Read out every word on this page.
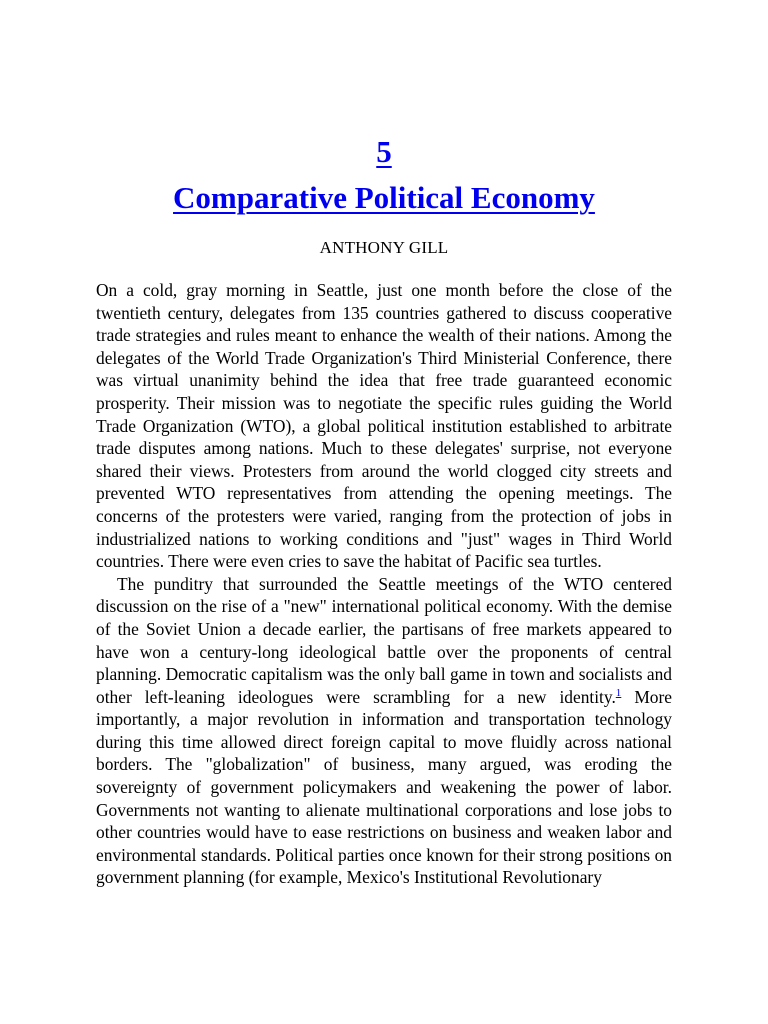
5
Comparative Political Economy
ANTHONY GILL

On a cold, gray morning in Seattle, just one month before the close of the twentieth century, delegates from 135 countries gathered to discuss cooperative trade strategies and rules meant to enhance the wealth of their nations. Among the delegates of the World Trade Organization's Third Ministerial Conference, there was virtual unanimity behind the idea that free trade guaranteed economic prosperity. Their mission was to negotiate the specific rules guiding the World Trade Organization (WTO), a global political institution established to arbitrate trade disputes among nations. Much to these delegates' surprise, not everyone shared their views. Protesters from around the world clogged city streets and prevented WTO representatives from attending the opening meetings. The concerns of the protesters were varied, ranging from the protection of jobs in industrialized nations to working conditions and "just" wages in Third World countries. There were even cries to save the habitat of Pacific sea turtles.

The punditry that surrounded the Seattle meetings of the WTO centered discussion on the rise of a "new" international political economy. With the demise of the Soviet Union a decade earlier, the partisans of free markets appeared to have won a century-long ideological battle over the proponents of central planning. Democratic capitalism was the only ball game in town and socialists and other left-leaning ideologues were scrambling for a new identity.$^1$ More importantly, a major revolution in information and transportation technology during this time allowed direct foreign capital to move fluidly across national borders. The "globalization" of business, many argued, was eroding the sovereignty of government policymakers and weakening the power of labor. Governments not wanting to alienate multinational corporations and lose jobs to other countries would have to ease restrictions on business and weaken labor and environmental standards. Political parties once known for their strong positions on government planning (for example, Mexico's Institutional Revolutionary
